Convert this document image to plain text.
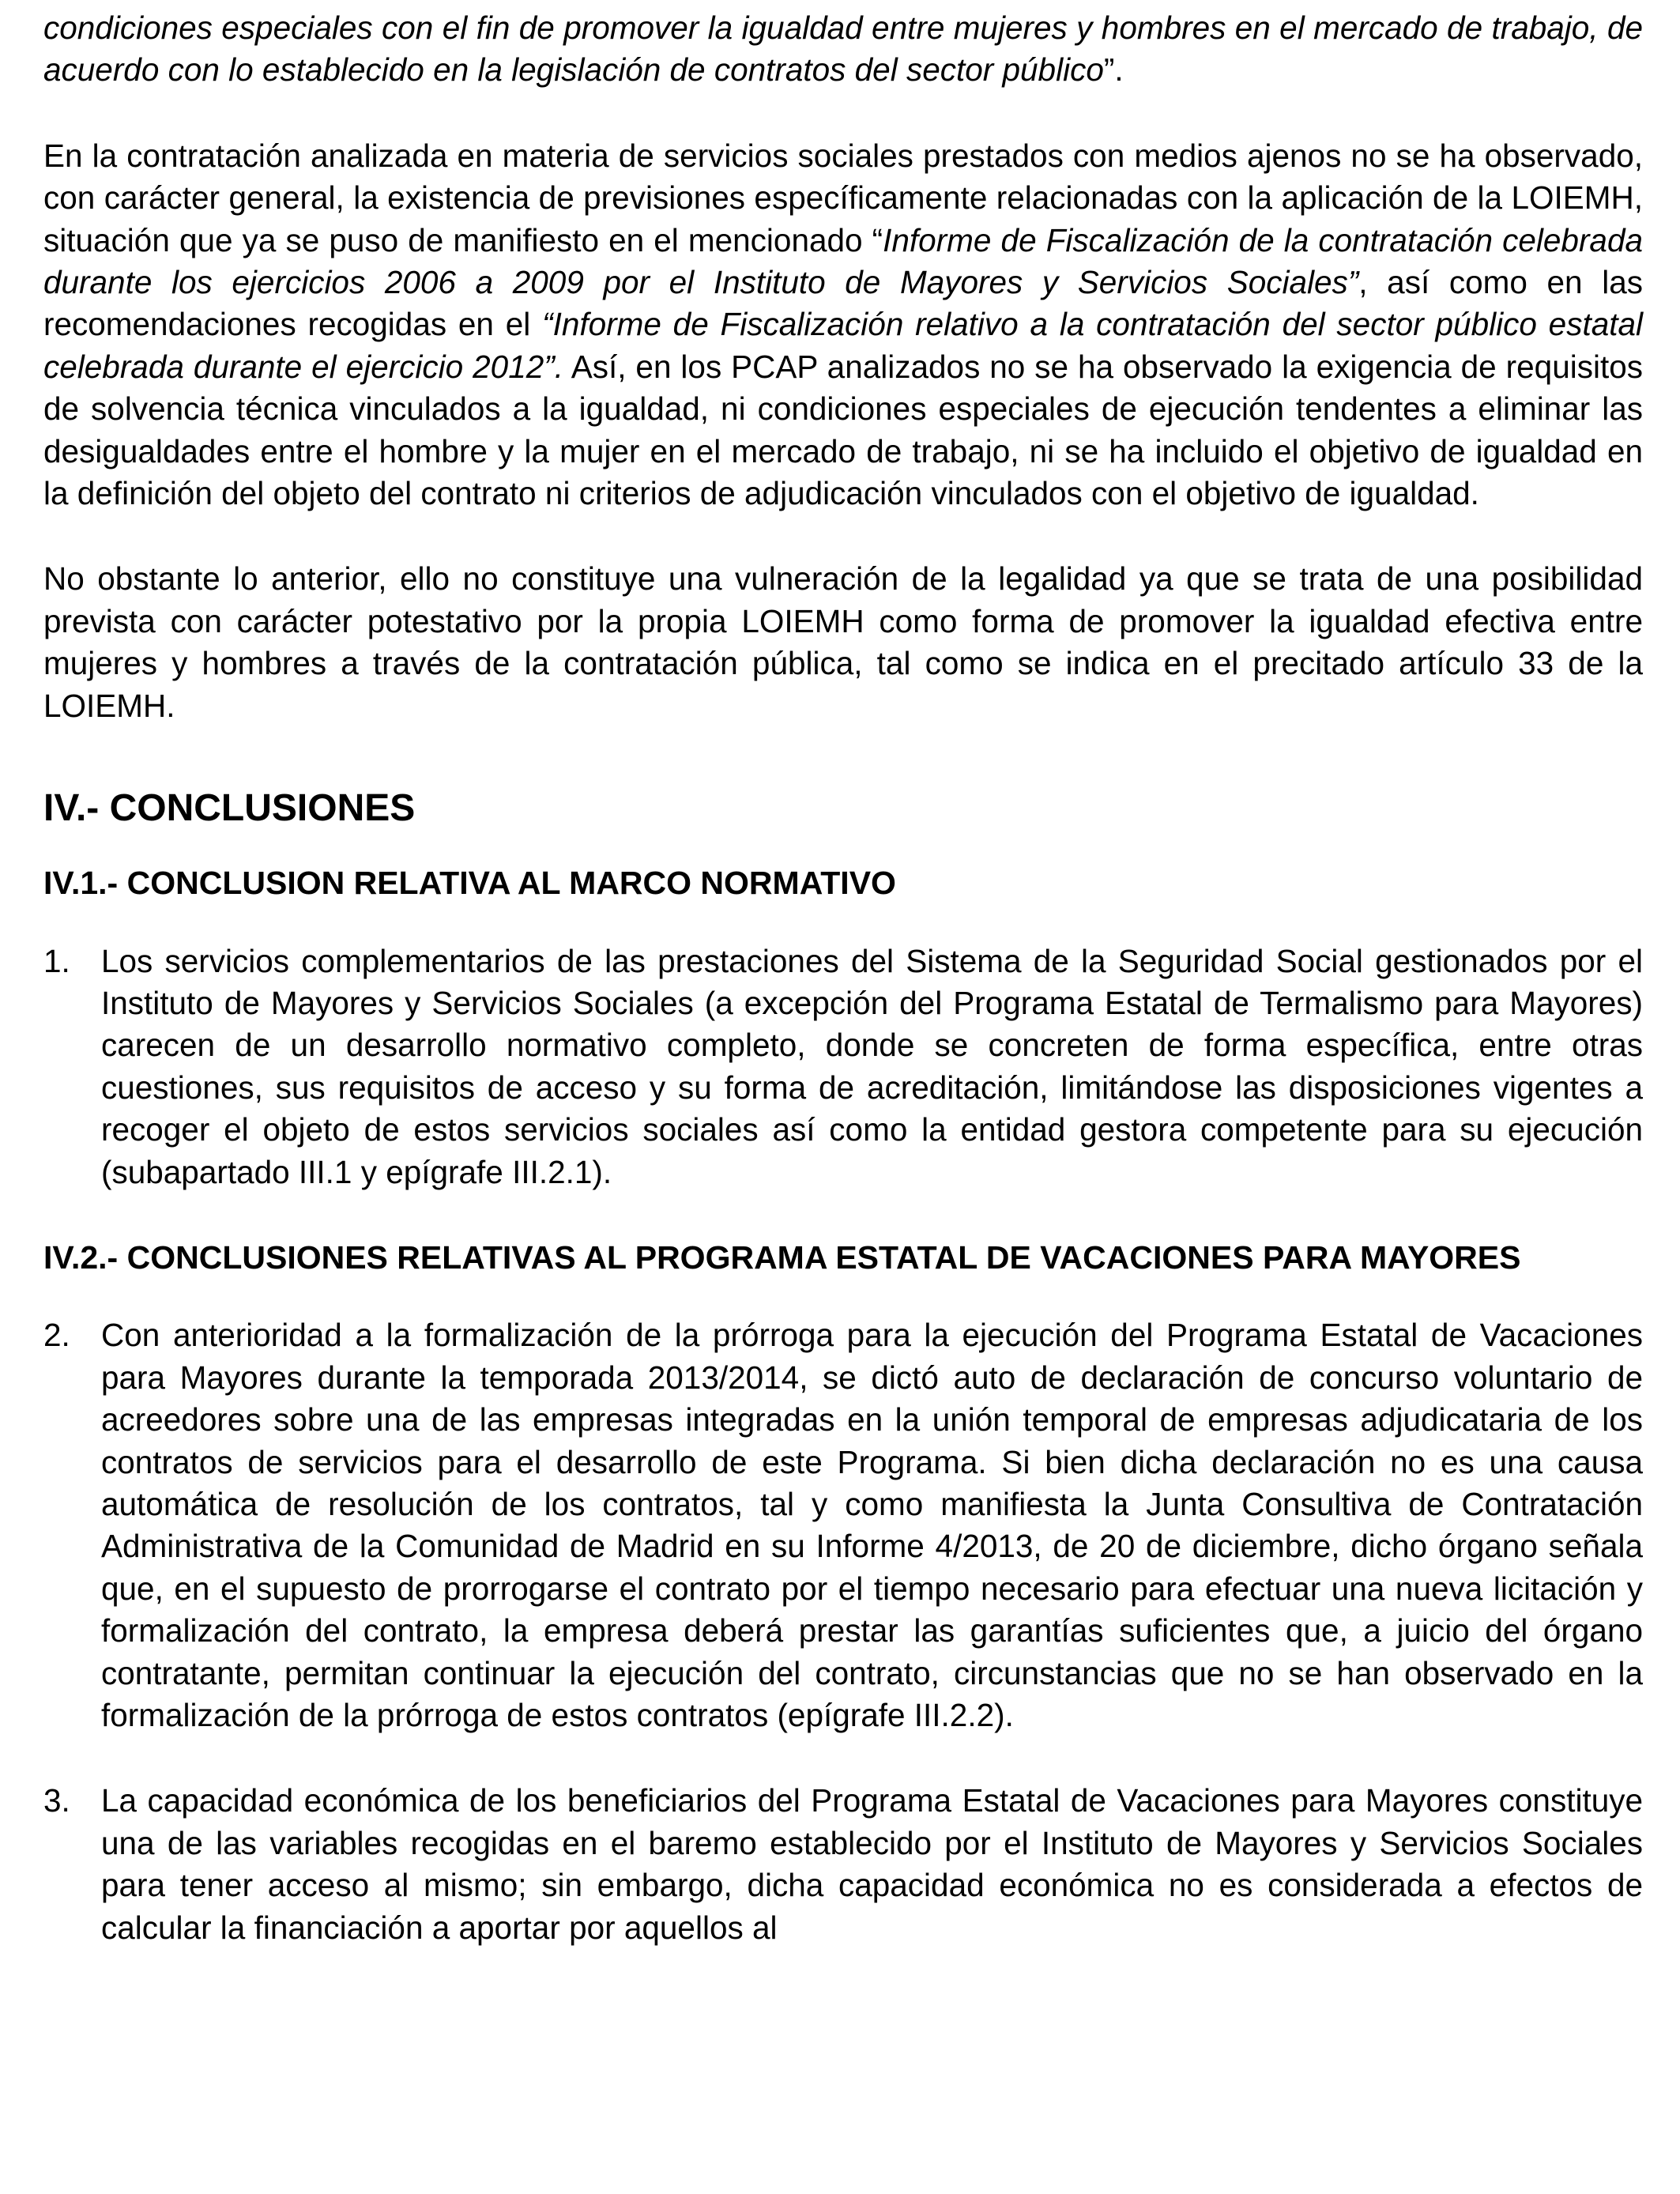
condiciones especiales con el fin de promover la igualdad entre mujeres y hombres en el mercado de trabajo, de acuerdo con lo establecido en la legislación de contratos del sector público”.

En la contratación analizada en materia de servicios sociales prestados con medios ajenos no se ha observado, con carácter general, la existencia de previsiones específicamente relacionadas con la aplicación de la LOIEMH, situación que ya se puso de manifiesto en el mencionado “Informe de Fiscalización de la contratación celebrada durante los ejercicios 2006 a 2009 por el Instituto de Mayores y Servicios Sociales”, así como en las recomendaciones recogidas en el “Informe de Fiscalización relativo a la contratación del sector público estatal celebrada durante el ejercicio 2012”. Así, en los PCAP analizados no se ha observado la exigencia de requisitos de solvencia técnica vinculados a la igualdad, ni condiciones especiales de ejecución tendentes a eliminar las desigualdades entre el hombre y la mujer en el mercado de trabajo, ni se ha incluido el objetivo de igualdad en la definición del objeto del contrato ni criterios de adjudicación vinculados con el objetivo de igualdad.

No obstante lo anterior, ello no constituye una vulneración de la legalidad ya que se trata de una posibilidad prevista con carácter potestativo por la propia LOIEMH como forma de promover la igualdad efectiva entre mujeres y hombres a través de la contratación pública, tal como se indica en el precitado artículo 33 de la LOIEMH.

IV.- CONCLUSIONES
IV.1.- CONCLUSION RELATIVA AL MARCO NORMATIVO
1. Los servicios complementarios de las prestaciones del Sistema de la Seguridad Social gestionados por el Instituto de Mayores y Servicios Sociales (a excepción del Programa Estatal de Termalismo para Mayores) carecen de un desarrollo normativo completo, donde se concreten de forma específica, entre otras cuestiones, sus requisitos de acceso y su forma de acreditación, limitándose las disposiciones vigentes a recoger el objeto de estos servicios sociales así como la entidad gestora competente para su ejecución (subapartado III.1 y epígrafe III.2.1).

IV.2.- CONCLUSIONES RELATIVAS AL PROGRAMA ESTATAL DE VACACIONES PARA MAYORES
2. Con anterioridad a la formalización de la prórroga para la ejecución del Programa Estatal de Vacaciones para Mayores durante la temporada 2013/2014, se dictó auto de declaración de concurso voluntario de acreedores sobre una de las empresas integradas en la unión temporal de empresas adjudicataria de los contratos de servicios para el desarrollo de este Programa. Si bien dicha declaración no es una causa automática de resolución de los contratos, tal y como manifiesta la Junta Consultiva de Contratación Administrativa de la Comunidad de Madrid en su Informe 4/2013, de 20 de diciembre, dicho órgano señala que, en el supuesto de prorrogarse el contrato por el tiempo necesario para efectuar una nueva licitación y formalización del contrato, la empresa deberá prestar las garantías suficientes que, a juicio del órgano contratante, permitan continuar la ejecución del contrato, circunstancias que no se han observado en la formalización de la prórroga de estos contratos (epígrafe III.2.2).

3. La capacidad económica de los beneficiarios del Programa Estatal de Vacaciones para Mayores constituye una de las variables recogidas en el baremo establecido por el Instituto de Mayores y Servicios Sociales para tener acceso al mismo; sin embargo, dicha capacidad económica no es considerada a efectos de calcular la financiación a aportar por aquellos al
